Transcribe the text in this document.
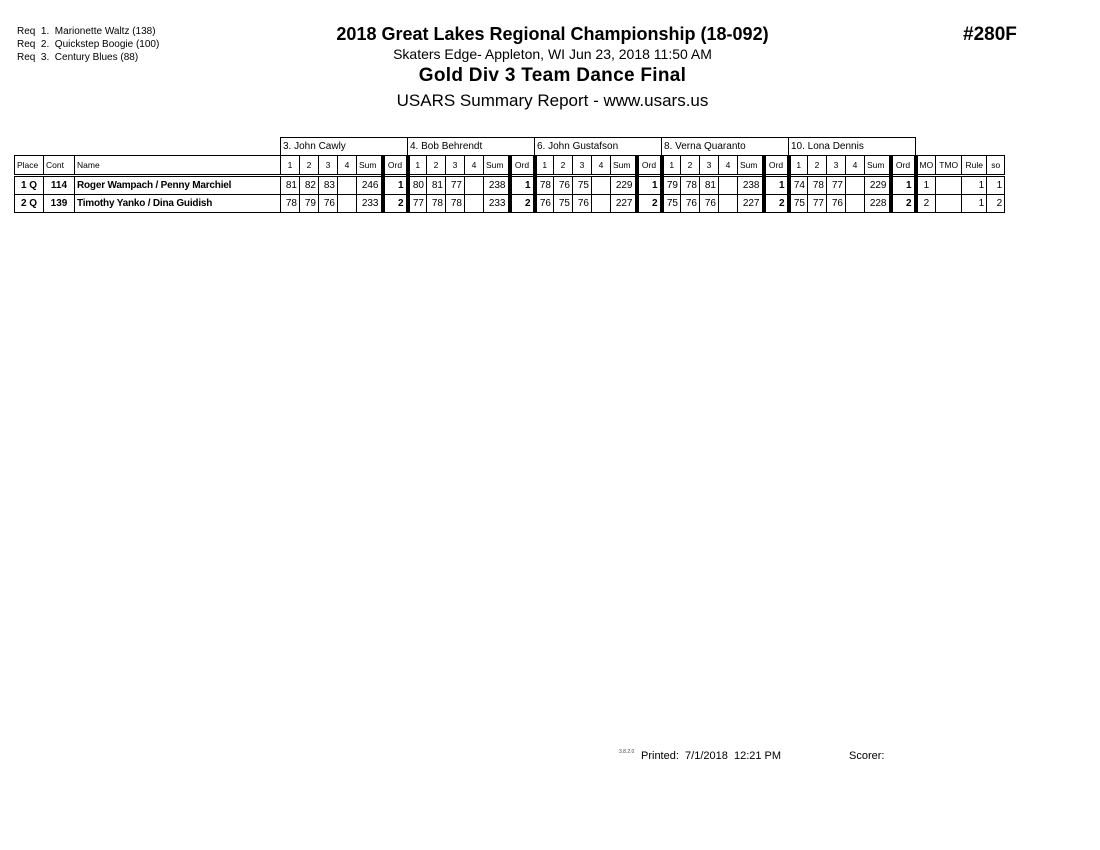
Req  1.  Marionette Waltz (138)
Req  2.  Quickstep Boogie (100)
Req  3.  Century Blues (88)
2018 Great Lakes Regional Championship (18-092)
Skaters Edge- Appleton, WI Jun 23, 2018 11:50 AM
Gold Div 3 Team Dance Final
USARS Summary Report - www.usars.us
#280F
			3. John Cawly						4. Bob Behrendt						6. John Gustafson						8. Verna Quaranto						10. Lona Dennis									
Place	Cont	Name	1	2	3	4	Sum	Ord	1	2	3	4	Sum	Ord	1	2	3	4	Sum	Ord	1	2	3	4	Sum	Ord	1	2	3	4	Sum	Ord	MO	TMO	Rule	so
1 Q	114	Roger Wampach / Penny Marchiel	81	82	83		246	1	80	81	77		238	1	78	76	75		229	1	79	78	81		238	1	74	78	77		229	1	1		1	1
2 Q	139	Timothy Yanko / Dina Guidish	78	79	76		233	2	77	78	78		233	2	76	75	76		227	2	75	76	76		227	2	75	77	76		228	2	2		1	2
3.8.2.0 Printed:  7/1/2018  12:21 PM	Scorer:
